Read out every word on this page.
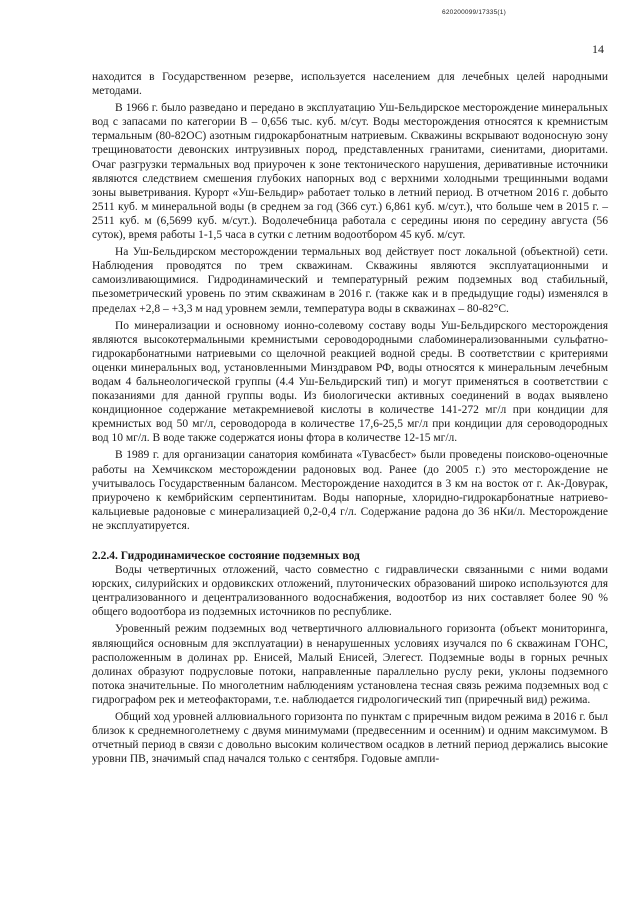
620200099/17335(1)
14

находится в Государственном резерве, используется населением для лечебных целей народными методами.

В 1966 г. было разведано и передано в эксплуатацию Уш-Бельдирское месторождение минеральных вод с запасами по категории В – 0,656 тыс. куб. м/сут. Воды месторождения относятся к кремнистым термальным (80-82ОС) азотным гидрокарбонатным натриевым. Скважины вскрывают водоносную зону трещиноватости девонских интрузивных пород, представленных гранитами, сиенитами, диоритами. Очаг разгрузки термальных вод приурочен к зоне тектонического нарушения, деривативные источники являются следствием смешения глубоких напорных вод с верхними холодными трещинными водами зоны выветривания. Курорт «Уш-Бельдир» работает только в летний период. В отчетном 2016 г. добыто 2511 куб. м минеральной воды (в среднем за год (366 сут.) 6,861 куб. м/сут.), что больше чем в 2015 г. – 2511 куб. м (6,5699 куб. м/сут.). Водолечебница работала с середины июня по середину августа (56 суток), время работы 1-1,5 часа в сутки с летним водоотбором 45 куб. м/сут.

На Уш-Бельдирском месторождении термальных вод действует пост локальной (объектной) сети. Наблюдения проводятся по трем скважинам. Скважины являются эксплуатационными и самоизливающимися. Гидродинамический и температурный режим подземных вод стабильный, пьезометрический уровень по этим скважинам в 2016 г. (также как и в предыдущие годы) изменялся в пределах +2,8 – +3,3 м над уровнем земли, температура воды в скважинах – 80-82°С.

По минерализации и основному ионно-солевому составу воды Уш-Бельдирского месторождения являются высокотермальными кремнистыми сероводородными слабоминерализованными сульфатно-гидрокарбонатными натриевыми со щелочной реакцией водной среды. В соответствии с критериями оценки минеральных вод, установленными Минздравом РФ, воды относятся к минеральным лечебным водам 4 бальнеологической группы (4.4 Уш-Бельдирский тип) и могут применяться в соответствии с показаниями для данной группы воды. Из биологически активных соединений в водах выявлено кондиционное содержание метакремниевой кислоты в количестве 141-272 мг/л при кондиции для кремнистых вод 50 мг/л, сероводорода в количестве 17,6-25,5 мг/л при кондиции для сероводородных вод 10 мг/л. В воде также содержатся ионы фтора в количестве 12-15 мг/л.

В 1989 г. для организации санатория комбината «Тувасбест» были проведены поисково-оценочные работы на Хемчикском месторождении радоновых вод. Ранее (до 2005 г.) это месторождение не учитывалось Государственным балансом. Месторождение находится в 3 км на восток от г. Ак-Довурак, приурочено к кембрийским серпентинитам. Воды напорные, хлоридно-гидрокарбонатные натриево-кальциевые радоновые с минерализацией 0,2-0,4 г/л. Содержание радона до 36 нКи/л. Месторождение не эксплуатируется.

2.2.4. Гидродинамическое состояние подземных вод

Воды четвертичных отложений, часто совместно с гидравлически связанными с ними водами юрских, силурийских и ордовикских отложений, плутонических образований широко используются для централизованного и децентрализованного водоснабжения, водоотбор из них составляет более 90 % общего водоотбора из подземных источников по республике.

Уровенный режим подземных вод четвертичного аллювиального горизонта (объект мониторинга, являющийся основным для эксплуатации) в ненарушенных условиях изучался по 6 скважинам ГОНС, расположенным в долинах рр. Енисей, Малый Енисей, Элегест. Подземные воды в горных речных долинах образуют подрусловые потоки, направленные параллельно руслу реки, уклоны подземного потока значительные. По многолетним наблюдениям установлена тесная связь режима подземных вод с гидрографом рек и метеофакторами, т.е. наблюдается гидрологический тип (приречный вид) режима.

Общий ход уровней аллювиального горизонта по пунктам с приречным видом режима в 2016 г. был близок к среднемноголетнему с двумя минимумами (предвесенним и осенним) и одним максимумом. В отчетный период в связи с довольно высоким количеством осадков в летний период держались высокие уровни ПВ, значимый спад начался только с сентября. Годовые ампли-
